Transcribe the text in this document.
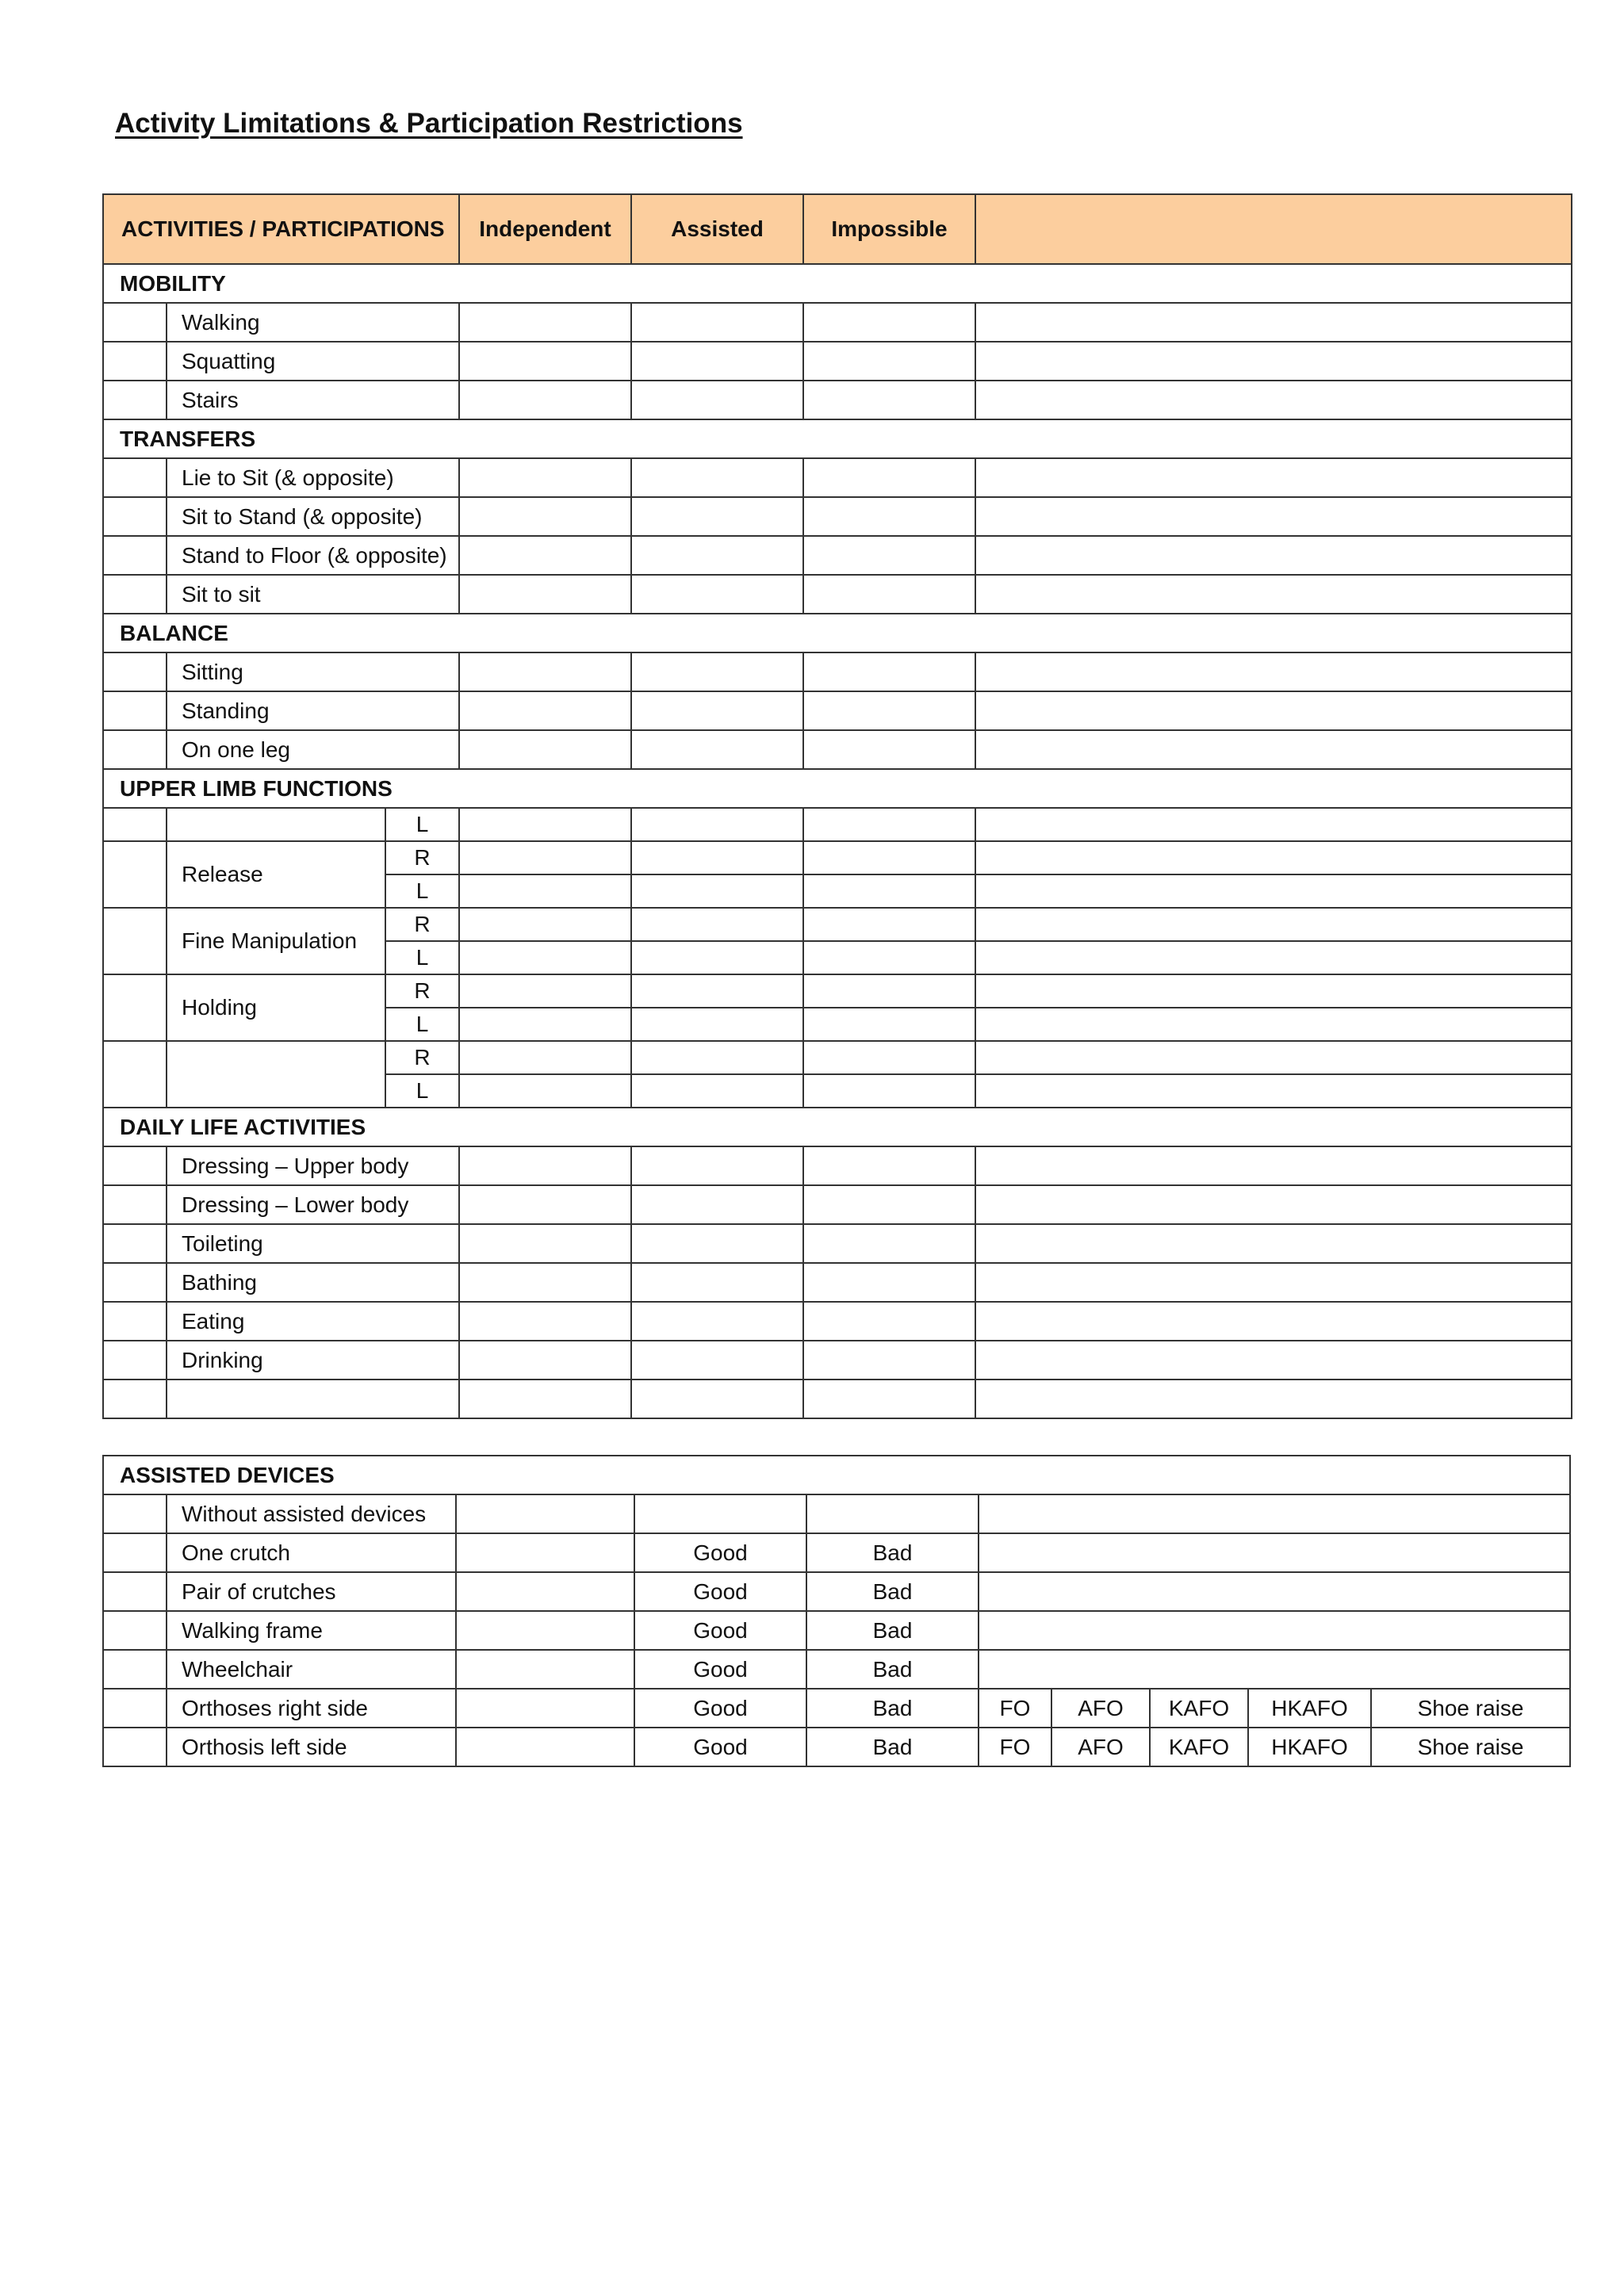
Activity Limitations & Participation Restrictions
ACTIVITIES / PARTICIPATIONS			Independent	Assisted	Impossible	
MOBILITY						
	Walking					
	Squatting					
	Stairs					
TRANSFERS						
	Lie to Sit (& opposite)					
	Sit to Stand (& opposite)					
	Stand to Floor (& opposite)					
	Sit to sit					
BALANCE						
	Sitting					
	Standing					
	On one leg					
UPPER LIMB FUNCTIONS						
		L				
	Release	R				
		L				
	Fine Manipulation	R				
		L				
	Holding	R				
		L				
		R				
		L				
DAILY LIFE ACTIVITIES						
	Dressing – Upper body					
	Dressing – Lower body					
	Toileting					
	Bathing					
	Eating					
	Drinking					

ASSISTED DEVICES									
	Without assisted devices								
	One crutch		Good	Bad					
	Pair of crutches		Good	Bad					
	Walking frame		Good	Bad					
	Wheelchair		Good	Bad					
	Orthoses right side		Good	Bad	FO	AFO	KAFO	HKAFO	Shoe raise
	Orthosis left side		Good	Bad	FO	AFO	KAFO	HKAFO	Shoe raise
